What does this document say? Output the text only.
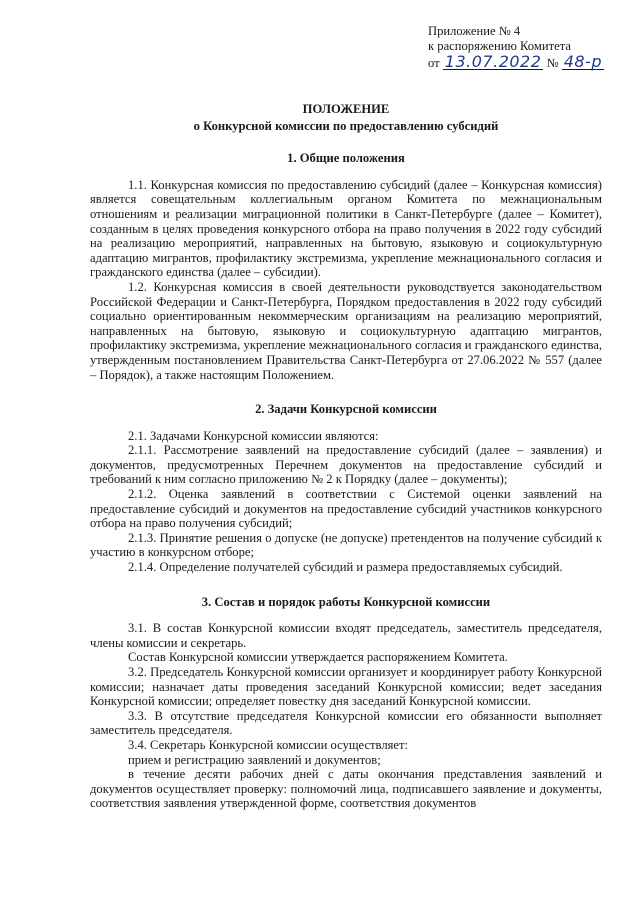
Приложение № 4
к распоряжению Комитета
от 13.07.2022 № 48-р
ПОЛОЖЕНИЕ
о Конкурсной комиссии по предоставлению субсидий
1. Общие положения

1.1. Конкурсная комиссия по предоставлению субсидий (далее – Конкурсная комиссия) является совещательным коллегиальным органом Комитета по межнациональным отношениям и реализации миграционной политики в Санкт-Петербурге (далее – Комитет), созданным в целях проведения конкурсного отбора на право получения в 2022 году субсидий на реализацию мероприятий, направленных на бытовую, языковую и социокультурную адаптацию мигрантов, профилактику экстремизма, укрепление межнационального согласия и гражданского единства (далее – субсидии).

1.2. Конкурсная комиссия в своей деятельности руководствуется законодательством Российской Федерации и Санкт-Петербурга, Порядком предоставления в 2022 году субсидий социально ориентированным некоммерческим организациям на реализацию мероприятий, направленных на бытовую, языковую и социокультурную адаптацию мигрантов, профилактику экстремизма, укрепление межнационального согласия и гражданского единства, утвержденным постановлением Правительства Санкт-Петербурга от 27.06.2022 № 557 (далее – Порядок), а также настоящим Положением.

2. Задачи Конкурсной комиссии

2.1. Задачами Конкурсной комиссии являются:

2.1.1. Рассмотрение заявлений на предоставление субсидий (далее – заявления) и документов, предусмотренных Перечнем документов на предоставление субсидий и требований к ним согласно приложению № 2 к Порядку (далее – документы);

2.1.2. Оценка заявлений в соответствии с Системой оценки заявлений на предоставление субсидий и документов на предоставление субсидий участников конкурсного отбора на право получения субсидий;

2.1.3. Принятие решения о допуске (не допуске) претендентов на получение субсидий к участию в конкурсном отборе;

2.1.4. Определение получателей субсидий и размера предоставляемых субсидий.

3. Состав и порядок работы Конкурсной комиссии

3.1. В состав Конкурсной комиссии входят председатель, заместитель председателя, члены комиссии и секретарь.

Состав Конкурсной комиссии утверждается распоряжением Комитета.

3.2. Председатель Конкурсной комиссии организует и координирует работу Конкурсной комиссии; назначает даты проведения заседаний Конкурсной комиссии; ведет заседания Конкурсной комиссии; определяет повестку дня заседаний Конкурсной комиссии.

3.3. В отсутствие председателя Конкурсной комиссии его обязанности выполняет заместитель председателя.

3.4. Секретарь Конкурсной комиссии осуществляет:

прием и регистрацию заявлений и документов;

в течение десяти рабочих дней с даты окончания представления заявлений и документов осуществляет проверку: полномочий лица, подписавшего заявление и документы, соответствия заявления утвержденной форме, соответствия документов
